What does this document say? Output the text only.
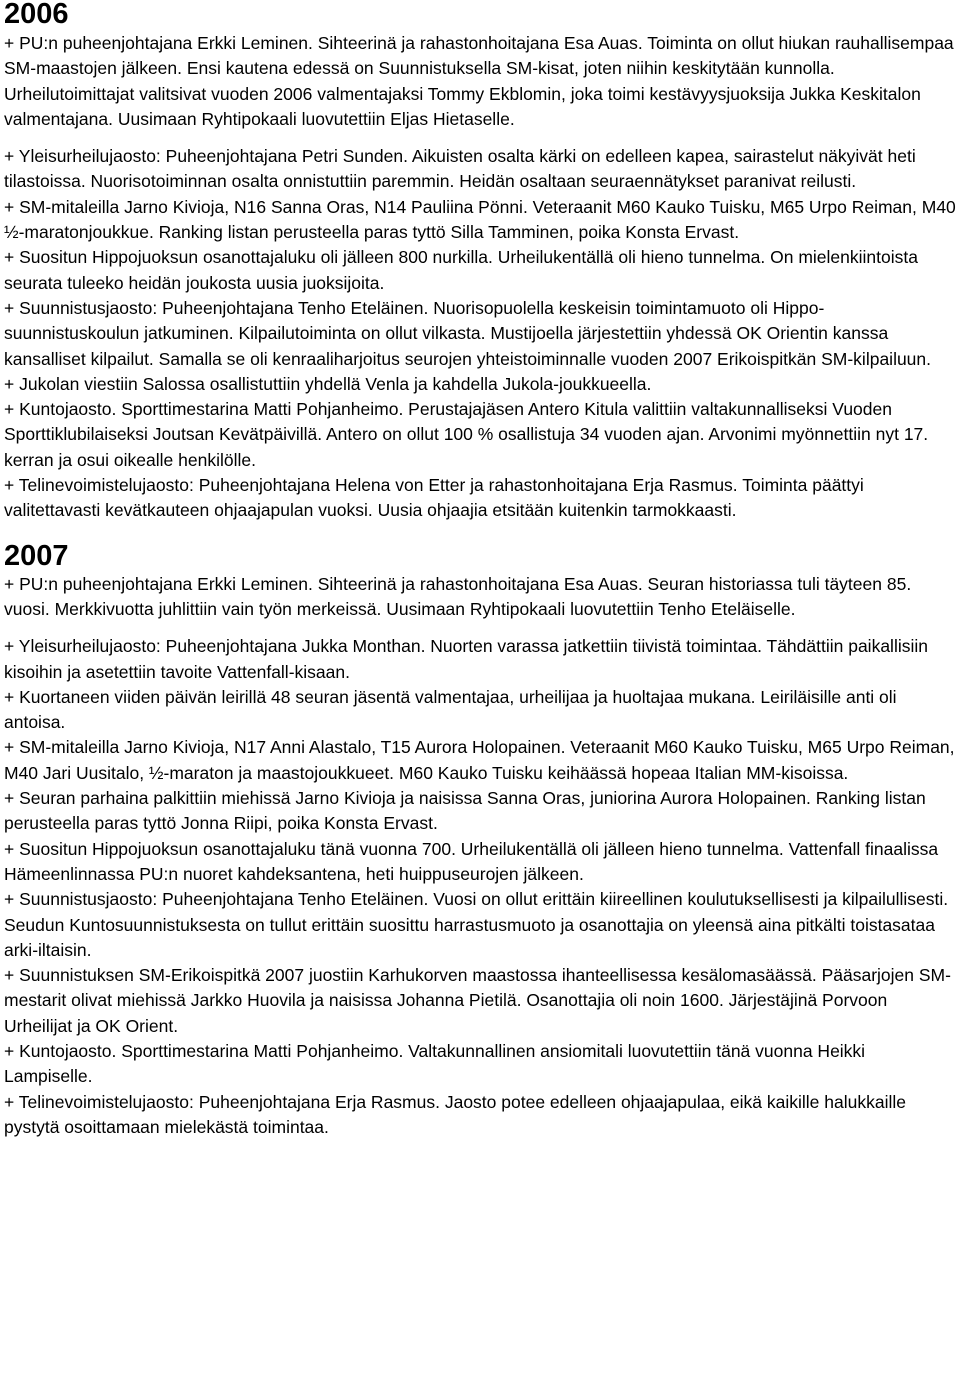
2006

+ PU:n puheenjohtajana Erkki Leminen. Sihteerinä ja rahastonhoitajana Esa Auas. Toiminta on ollut hiukan rauhallisempaa SM-maastojen jälkeen. Ensi kautena edessä on Suunnistuksella SM-kisat, joten niihin keskitytään kunnolla. Urheilutoimittajat valitsivat vuoden 2006 valmentajaksi Tommy Ekblomin, joka toimi kestävyysjuoksija Jukka Keskitalon valmentajana. Uusimaan Ryhtipokaali luovutettiin Eljas Hietaselle.

+ Yleisurheilujaosto: Puheenjohtajana Petri Sunden. Aikuisten osalta kärki on edelleen kapea, sairastelut näkyivät heti tilastoissa. Nuorisotoiminnan osalta onnistuttiin paremmin. Heidän osaltaan seuraennätykset paranivat reilusti.

+ SM-mitaleilla Jarno Kivioja, N16 Sanna Oras, N14 Pauliina Pönni. Veteraanit M60 Kauko Tuisku, M65 Urpo Reiman, M40 ½-maratonjoukkue. Ranking listan perusteella paras tyttö Silla Tamminen, poika Konsta Ervast.

+ Suositun Hippojuoksun osanottajaluku oli jälleen 800 nurkilla. Urheilukentällä oli hieno tunnelma. On mielenkiintoista seurata tuleeko heidän joukosta uusia juoksijoita.

+ Suunnistusjaosto: Puheenjohtajana Tenho Eteläinen. Nuorisopuolella keskeisin toimintamuoto oli Hippo-suunnistuskoulun jatkuminen. Kilpailutoiminta on ollut vilkasta. Mustijoella järjestettiin yhdessä OK Orientin kanssa kansalliset kilpailut. Samalla se oli kenraaliharjoitus seurojen yhteistoiminnalle vuoden 2007 Erikoispitkän SM-kilpailuun.

+ Jukolan viestiin Salossa osallistuttiin yhdellä Venla ja kahdella Jukola-joukkueella.

+ Kuntojaosto. Sporttimestarina Matti Pohjanheimo. Perustajajäsen Antero Kitula valittiin valtakunnalliseksi Vuoden Sporttiklubilaiseksi Joutsan Kevätpäivillä. Antero on ollut 100 % osallistuja 34 vuoden ajan. Arvonimi myönnettiin nyt 17. kerran ja osui oikealle henkilölle.

+ Telinevoimistelujaosto: Puheenjohtajana Helena von Etter ja rahastonhoitajana Erja Rasmus. Toiminta päättyi valitettavasti kevätkauteen ohjaajapulan vuoksi. Uusia ohjaajia etsitään kuitenkin tarmokkaasti.

2007

+ PU:n puheenjohtajana Erkki Leminen. Sihteerinä ja rahastonhoitajana Esa Auas. Seuran historiassa tuli täyteen 85. vuosi. Merkkivuotta juhlittiin vain työn merkeissä. Uusimaan Ryhtipokaali luovutettiin Tenho Eteläiselle.

+ Yleisurheilujaosto: Puheenjohtajana Jukka Monthan. Nuorten varassa jatkettiin tiivistä toimintaa. Tähdättiin paikallisiin kisoihin ja asetettiin tavoite Vattenfall-kisaan.

+ Kuortaneen viiden päivän leirillä 48 seuran jäsentä valmentajaa, urheilijaa ja huoltajaa mukana. Leiriläisille anti oli antoisa.

+ SM-mitaleilla Jarno Kivioja, N17 Anni Alastalo, T15 Aurora Holopainen. Veteraanit M60 Kauko Tuisku, M65 Urpo Reiman, M40 Jari Uusitalo, ½-maraton ja maastojoukkueet. M60 Kauko Tuisku keihäässä hopeaa Italian MM-kisoissa.

+ Seuran parhaina palkittiin miehissä Jarno Kivioja ja naisissa Sanna Oras, juniorina Aurora Holopainen. Ranking listan perusteella paras tyttö Jonna Riipi, poika Konsta Ervast.

+ Suositun Hippojuoksun osanottajaluku tänä vuonna 700. Urheilukentällä oli jälleen hieno tunnelma. Vattenfall finaalissa Hämeenlinnassa PU:n nuoret kahdeksantena, heti huippuseurojen jälkeen.

+ Suunnistusjaosto: Puheenjohtajana Tenho Eteläinen. Vuosi on ollut erittäin kiireellinen koulutuksellisesti ja kilpailullisesti. Seudun Kuntosuunnistuksesta on tullut erittäin suosittu harrastusmuoto ja osanottajia on yleensä aina pitkälti toistasataa arki-iltaisin.

+ Suunnistuksen SM-Erikoispitkä 2007 juostiin Karhukorven maastossa ihanteellisessa kesälomasäässä. Pääsarjojen SM-mestarit olivat miehissä Jarkko Huovila ja naisissa Johanna Pietilä. Osanottajia oli noin 1600. Järjestäjinä Porvoon Urheilijat ja OK Orient.

+ Kuntojaosto. Sporttimestarina Matti Pohjanheimo. Valtakunnallinen ansiomitali luovutettiin tänä vuonna Heikki Lampiselle.

+ Telinevoimistelujaosto: Puheenjohtajana Erja Rasmus. Jaosto potee edelleen ohjaajapulaa, eikä kaikille halukkaille pystytä osoittamaan mielekästä toimintaa.
